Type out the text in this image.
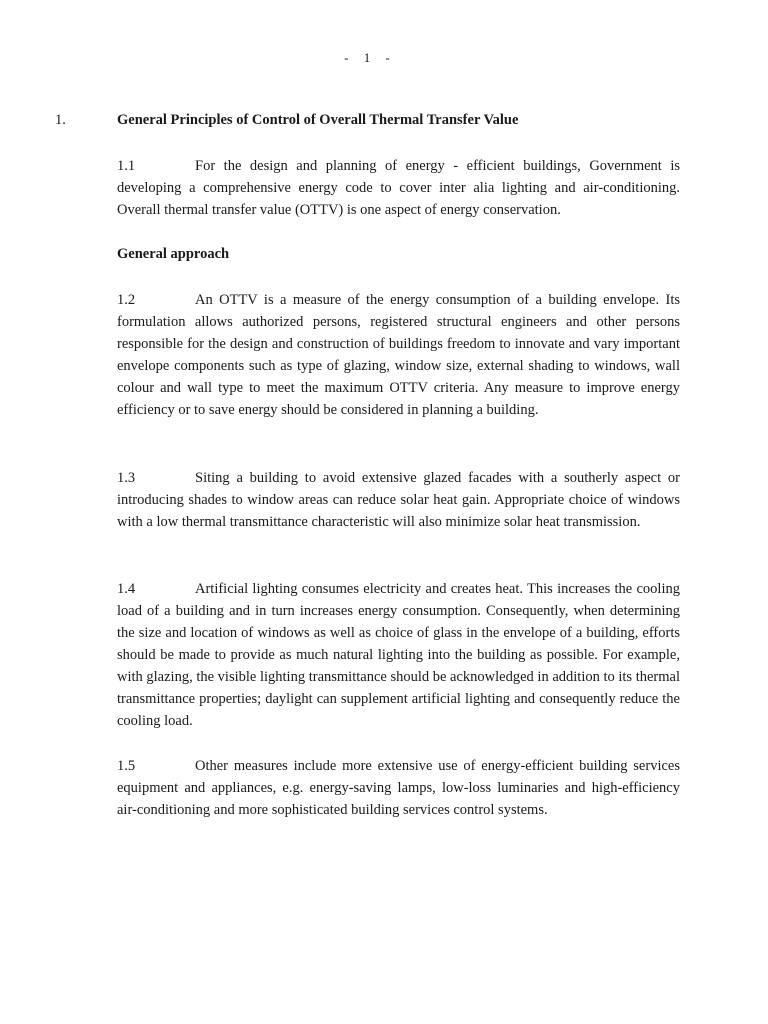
- 1 -
1.	General Principles of Control of Overall Thermal Transfer Value

1.1	For the design and planning of energy - efficient buildings, Government is developing a comprehensive energy code to cover inter alia lighting and air-conditioning. Overall thermal transfer value (OTTV) is one aspect of energy conservation.

General approach

1.2	An OTTV is a measure of the energy consumption of a building envelope. Its formulation allows authorized persons, registered structural engineers and other persons responsible for the design and construction of buildings freedom to innovate and vary important envelope components such as type of glazing, window size, external shading to windows, wall colour and wall type to meet the maximum OTTV criteria. Any measure to improve energy efficiency or to save energy should be considered in planning a building.

1.3	Siting a building to avoid extensive glazed facades with a southerly aspect or introducing shades to window areas can reduce solar heat gain. Appropriate choice of windows with a low thermal transmittance characteristic will also minimize solar heat transmission.

1.4	Artificial lighting consumes electricity and creates heat. This increases the cooling load of a building and in turn increases energy consumption. Consequently, when determining the size and location of windows as well as choice of glass in the envelope of a building, efforts should be made to provide as much natural lighting into the building as possible. For example, with glazing, the visible lighting transmittance should be acknowledged in addition to its thermal transmittance properties; daylight can supplement artificial lighting and consequently reduce the cooling load.

1.5	Other measures include more extensive use of energy-efficient building services equipment and appliances, e.g. energy-saving lamps, low-loss luminaries and high-efficiency air-conditioning and more sophisticated building services control systems.
